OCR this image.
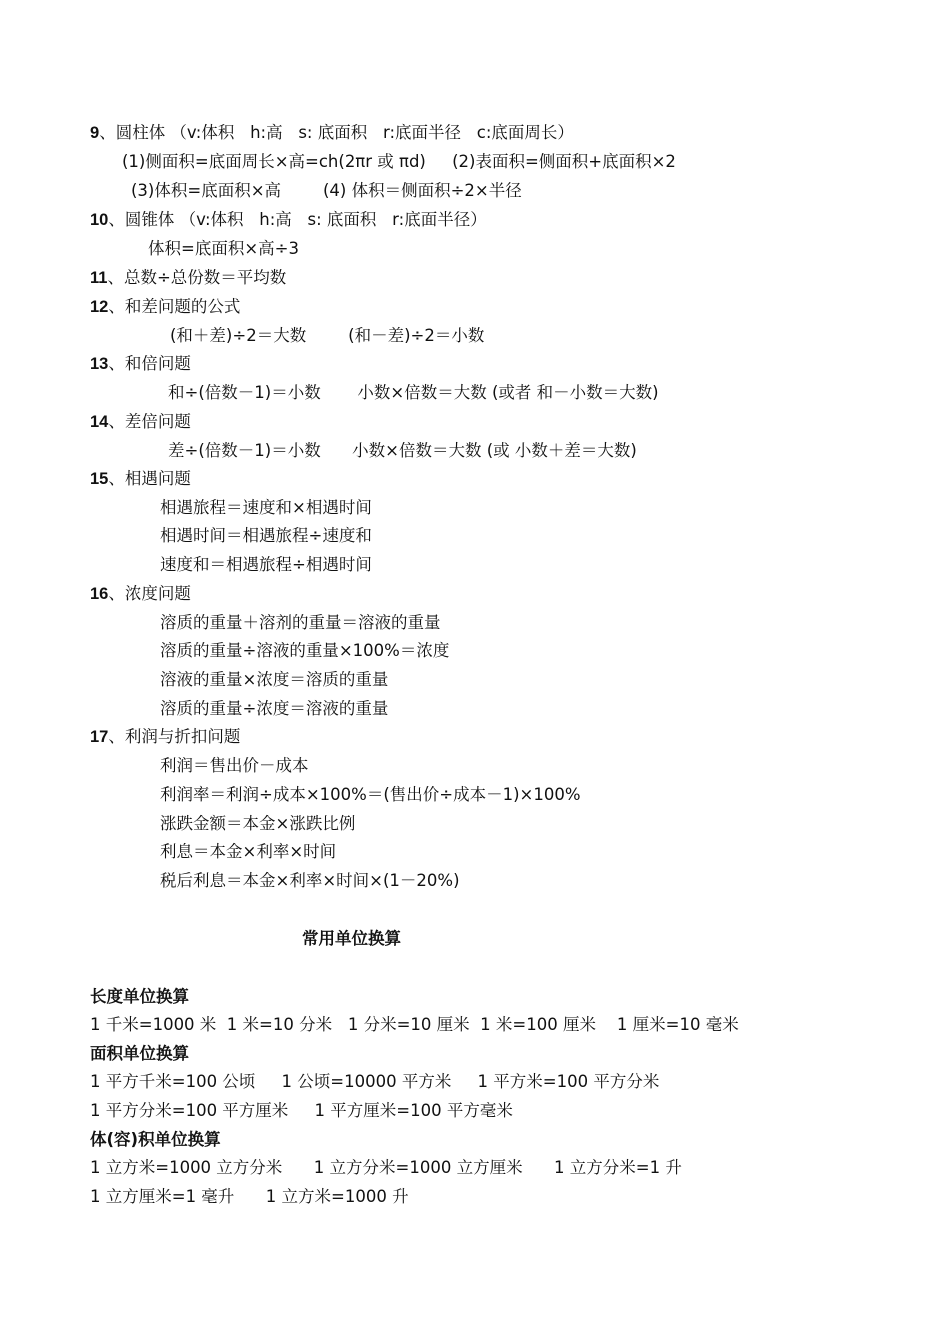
9、圆柱体 （v:体积   h:高   s: 底面积   r:底面半径   c:底面周长）
(1)侧面积=底面周长×高=ch(2πr 或 πd)     (2)表面积=侧面积+底面积×2
(3)体积=底面积×高        (4) 体积＝侧面积÷2×半径
10、圆锥体 （v:体积   h:高   s: 底面积   r:底面半径）
体积=底面积×高÷3
11、总数÷总份数＝平均数
12、和差问题的公式
(和＋差)÷2＝大数        (和－差)÷2＝小数
13、和倍问题
和÷(倍数－1)＝小数       小数×倍数＝大数 (或者 和－小数＝大数)
14、差倍问题
差÷(倍数－1)＝小数      小数×倍数＝大数 (或 小数＋差＝大数)
15、相遇问题
相遇旅程＝速度和×相遇时间
相遇时间＝相遇旅程÷速度和
速度和＝相遇旅程÷相遇时间
16、浓度问题
溶质的重量＋溶剂的重量＝溶液的重量
溶质的重量÷溶液的重量×100%＝浓度
溶液的重量×浓度＝溶质的重量
溶质的重量÷浓度＝溶液的重量
17、利润与折扣问题
利润＝售出价－成本
利润率＝利润÷成本×100%＝(售出价÷成本－1)×100%
涨跌金额＝本金×涨跌比例
利息＝本金×利率×时间
税后利息＝本金×利率×时间×(1－20%)
常用单位换算
长度单位换算
1 千米=1000 米  1 米=10 分米   1 分米=10 厘米  1 米=100 厘米    1 厘米=10 毫米
面积单位换算
1 平方千米=100 公顷     1 公顷=10000 平方米     1 平方米=100 平方分米
1 平方分米=100 平方厘米     1 平方厘米=100 平方毫米
体(容)积单位换算
1 立方米=1000 立方分米      1 立方分米=1000 立方厘米      1 立方分米=1 升
1 立方厘米=1 毫升      1 立方米=1000 升
